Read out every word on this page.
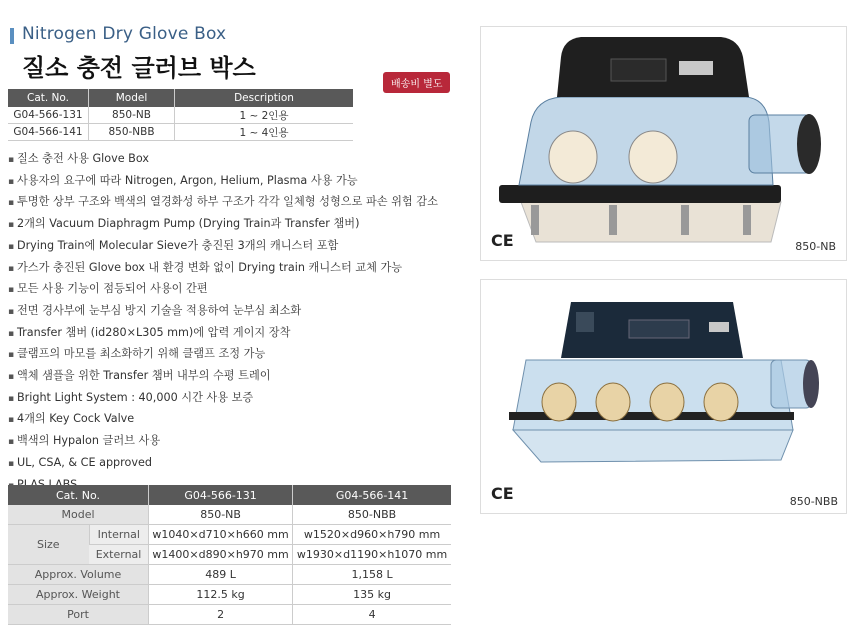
Nitrogen Dry Glove Box
질소 충전 글러브 박스
배송비 별도
Cat. No.	Model	Description
G04-566-131	850-NB	1 ~ 2인용
G04-566-141	850-NBB	1 ~ 4인용
▪ 질소 충전 사용 Glove Box
▪ 사용자의 요구에 따라 Nitrogen, Argon, Helium, Plasma 사용 가능
▪ 투명한 상부 구조와 백색의 열경화성 하부 구조가 각각 일체형 성형으로 파손 위험 감소
▪ 2개의 Vacuum Diaphragm Pump (Drying Train과 Transfer 챔버)
▪ Drying Train에 Molecular Sieve가 충진된 3개의 캐니스터 포함
▪ 가스가 충진된 Glove box 내 환경 변화 없이 Drying train 캐니스터 교체 가능
▪ 모든 사용 기능이 점등되어 사용이 간편
▪ 전면 경사부에 눈부심 방지 기술을 적용하여 눈부심 최소화
▪ Transfer 챔버 (id280×L305 mm)에 압력 게이지 장착
▪ 클램프의 마모를 최소화하기 위해 클램프 조정 가능
▪ 액체 샘플을 위한 Transfer 챔버 내부의 수평 트레이
▪ Bright Light System : 40,000 시간 사용 보증
▪ 4개의 Key Cock Valve
▪ 백색의 Hypalon 글러브 사용
▪ UL, CSA, & CE approved
▪
Cat. No.		G04-566-131	G04-566-141
Model		850-NB	850-NBB
Size	Internal	w1040×d710×h660 mm	w1520×d960×h790 mm
	External	w1400×d890×h970 mm	w1930×d1190×h1070 mm
Approx. Volume		489 L	1,158 L
Approx. Weight		112.5 kg	135 kg
Port		2	4
CE	850-NB
CE	850-NBB
